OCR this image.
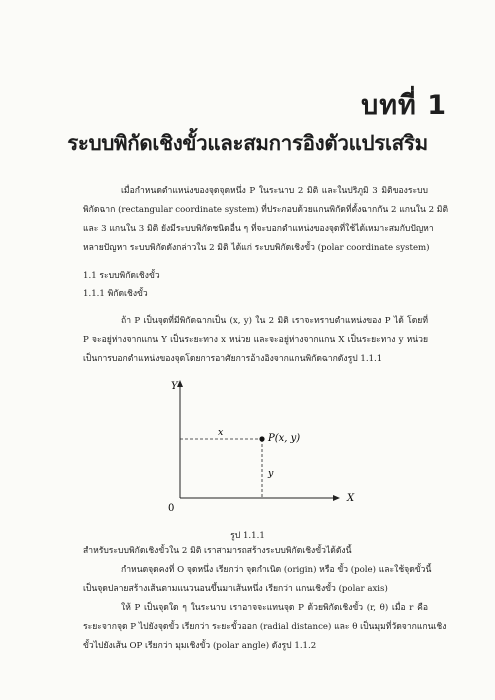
บทที่ 1
ระบบพิกัดเชิงขั้วและสมการอิงตัวแปรเสริม
เมื่อกำหนดตำแหน่งของจุดจุดหนึ่ง P ในระนาบ 2 มิติ และในปริภูมิ 3 มิติของระบบ
พิกัดฉาก (rectangular coordinate system) ที่ประกอบด้วยแกนพิกัดที่ตั้งฉากกัน 2 แกนใน 2 มิติ
และ 3 แกนใน 3 มิติ ยังมีระบบพิกัดชนิดอื่น ๆ ที่จะบอกตำแหน่งของจุดที่ใช้ได้เหมาะสมกับปัญหา
หลายปัญหา ระบบพิกัดดังกล่าวใน 2 มิติ ได้แก่ ระบบพิกัดเชิงขั้ว (polar coordinate system)
1.1 ระบบพิกัดเชิงขั้ว
1.1.1 พิกัดเชิงขั้ว
ถ้า P เป็นจุดที่มีพิกัดฉากเป็น (x, y) ใน 2 มิติ เราจะทราบตำแหน่งของ P ได้ โดยที่
P จะอยู่ห่างจากแกน Y เป็นระยะทาง x หน่วย และจะอยู่ห่างจากแกน X เป็นระยะทาง y หน่วย
เป็นการบอกตำแหน่งของจุดโดยการอาศัยการอ้างอิงจากแกนพิกัดฉากดังรูป 1.1.1
Y
X
0
P(x, y)
x
y
รูป 1.1.1
สำหรับระบบพิกัดเชิงขั้วใน 2 มิติ เราสามารถสร้างระบบพิกัดเชิงขั้วได้ดังนี้
กำหนดจุดคงที่ O จุดหนึ่ง เรียกว่า จุดกำเนิด (origin) หรือ ขั้ว (pole) และใช้จุดขั้วนี้
เป็นจุดปลายสร้างเส้นตามแนวนอนขึ้นมาเส้นหนึ่ง เรียกว่า แกนเชิงขั้ว (polar axis)
ให้ P เป็นจุดใด ๆ ในระนาบ เราอาจจะแทนจุด P ด้วยพิกัดเชิงขั้ว (r, θ) เมื่อ r คือ
ระยะจากจุด P ไปยังจุดขั้ว เรียกว่า ระยะขั้วออก (radial distance) และ θ เป็นมุมที่วัดจากแกนเชิง
ขั้วไปยังเส้น OP เรียกว่า มุมเชิงขั้ว (polar angle) ดังรูป 1.1.2
